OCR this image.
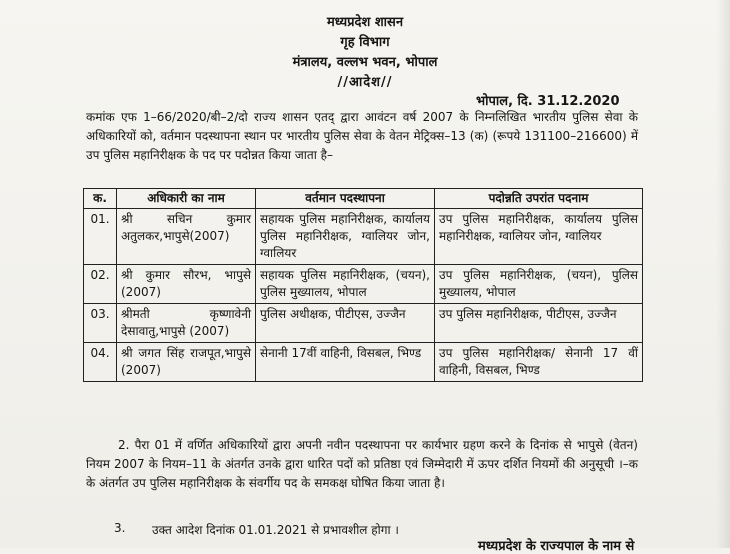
मध्यप्रदेश शासन
गृह विभाग
मंत्रालय, वल्लभ भवन, भोपाल
//आदेश//
भोपाल, दि. 31.12.2020
कमांक एफ 1–66/2020/बी–2/दो राज्य शासन एतद् द्वारा आवंटन वर्ष 2007 के निम्नलिखित भारतीय पुलिस सेवा के अधिकारियों को, वर्तमान पदस्थापना स्थान पर भारतीय पुलिस सेवा के वेतन मेट्रिक्स–13 (क) (रूपये 131100–216600) में उप पुलिस महानिरीक्षक के पद पर पदोन्नत किया जाता है–
क.	अधिकारी का नाम	वर्तमान पदस्थापना	पदोन्नति उपरांत पदनाम
01.	श्री सचिन कुमार अतुलकर,भापुसे(2007)	सहायक पुलिस महानिरीक्षक, कार्यालय पुलिस महानिरीक्षक, ग्वालियर जोन, ग्वालियर	उप पुलिस महानिरीक्षक, कार्यालय पुलिस महानिरीक्षक, ग्वालियर जोन, ग्वालियर
02.	श्री कुमार सौरभ, भापुसे (2007)	सहायक पुलिस महानिरीक्षक, (चयन), पुलिस मुख्यालय, भोपाल	उप पुलिस महानिरीक्षक, (चयन), पुलिस मुख्यालय, भोपाल
03.	श्रीमती कृष्णावेनी देसावातु,भापुसे (2007)	पुलिस अधीक्षक, पीटीएस, उज्जैन	उप पुलिस महानिरीक्षक, पीटीएस, उज्जैन
04.	श्री जगत सिंह राजपूत,भापुसे (2007)	सेनानी 17वीं वाहिनी, विसबल, भिण्ड	उप पुलिस महानिरीक्षक/ सेनानी 17 वीं वाहिनी, विसबल, भिण्ड
2. पैरा 01 में वर्णित अधिकारियों द्वारा अपनी नवीन पदस्थापना पर कार्यभार ग्रहण करने के दिनांक से भापुसे (वेतन) नियम 2007 के नियम–11 के अंतर्गत उनके द्वारा धारित पदों को प्रतिष्ठा एवं जिम्मेदारी में ऊपर दर्शित नियमों की अनुसूची ।–क के अंतर्गत उप पुलिस महानिरीक्षक के संवर्गीय पद के समकक्ष घोषित किया जाता है।
3. उक्त आदेश दिनांक 01.01.2021 से प्रभावशील होगा ।
मध्यप्रदेश के राज्यपाल के नाम से
